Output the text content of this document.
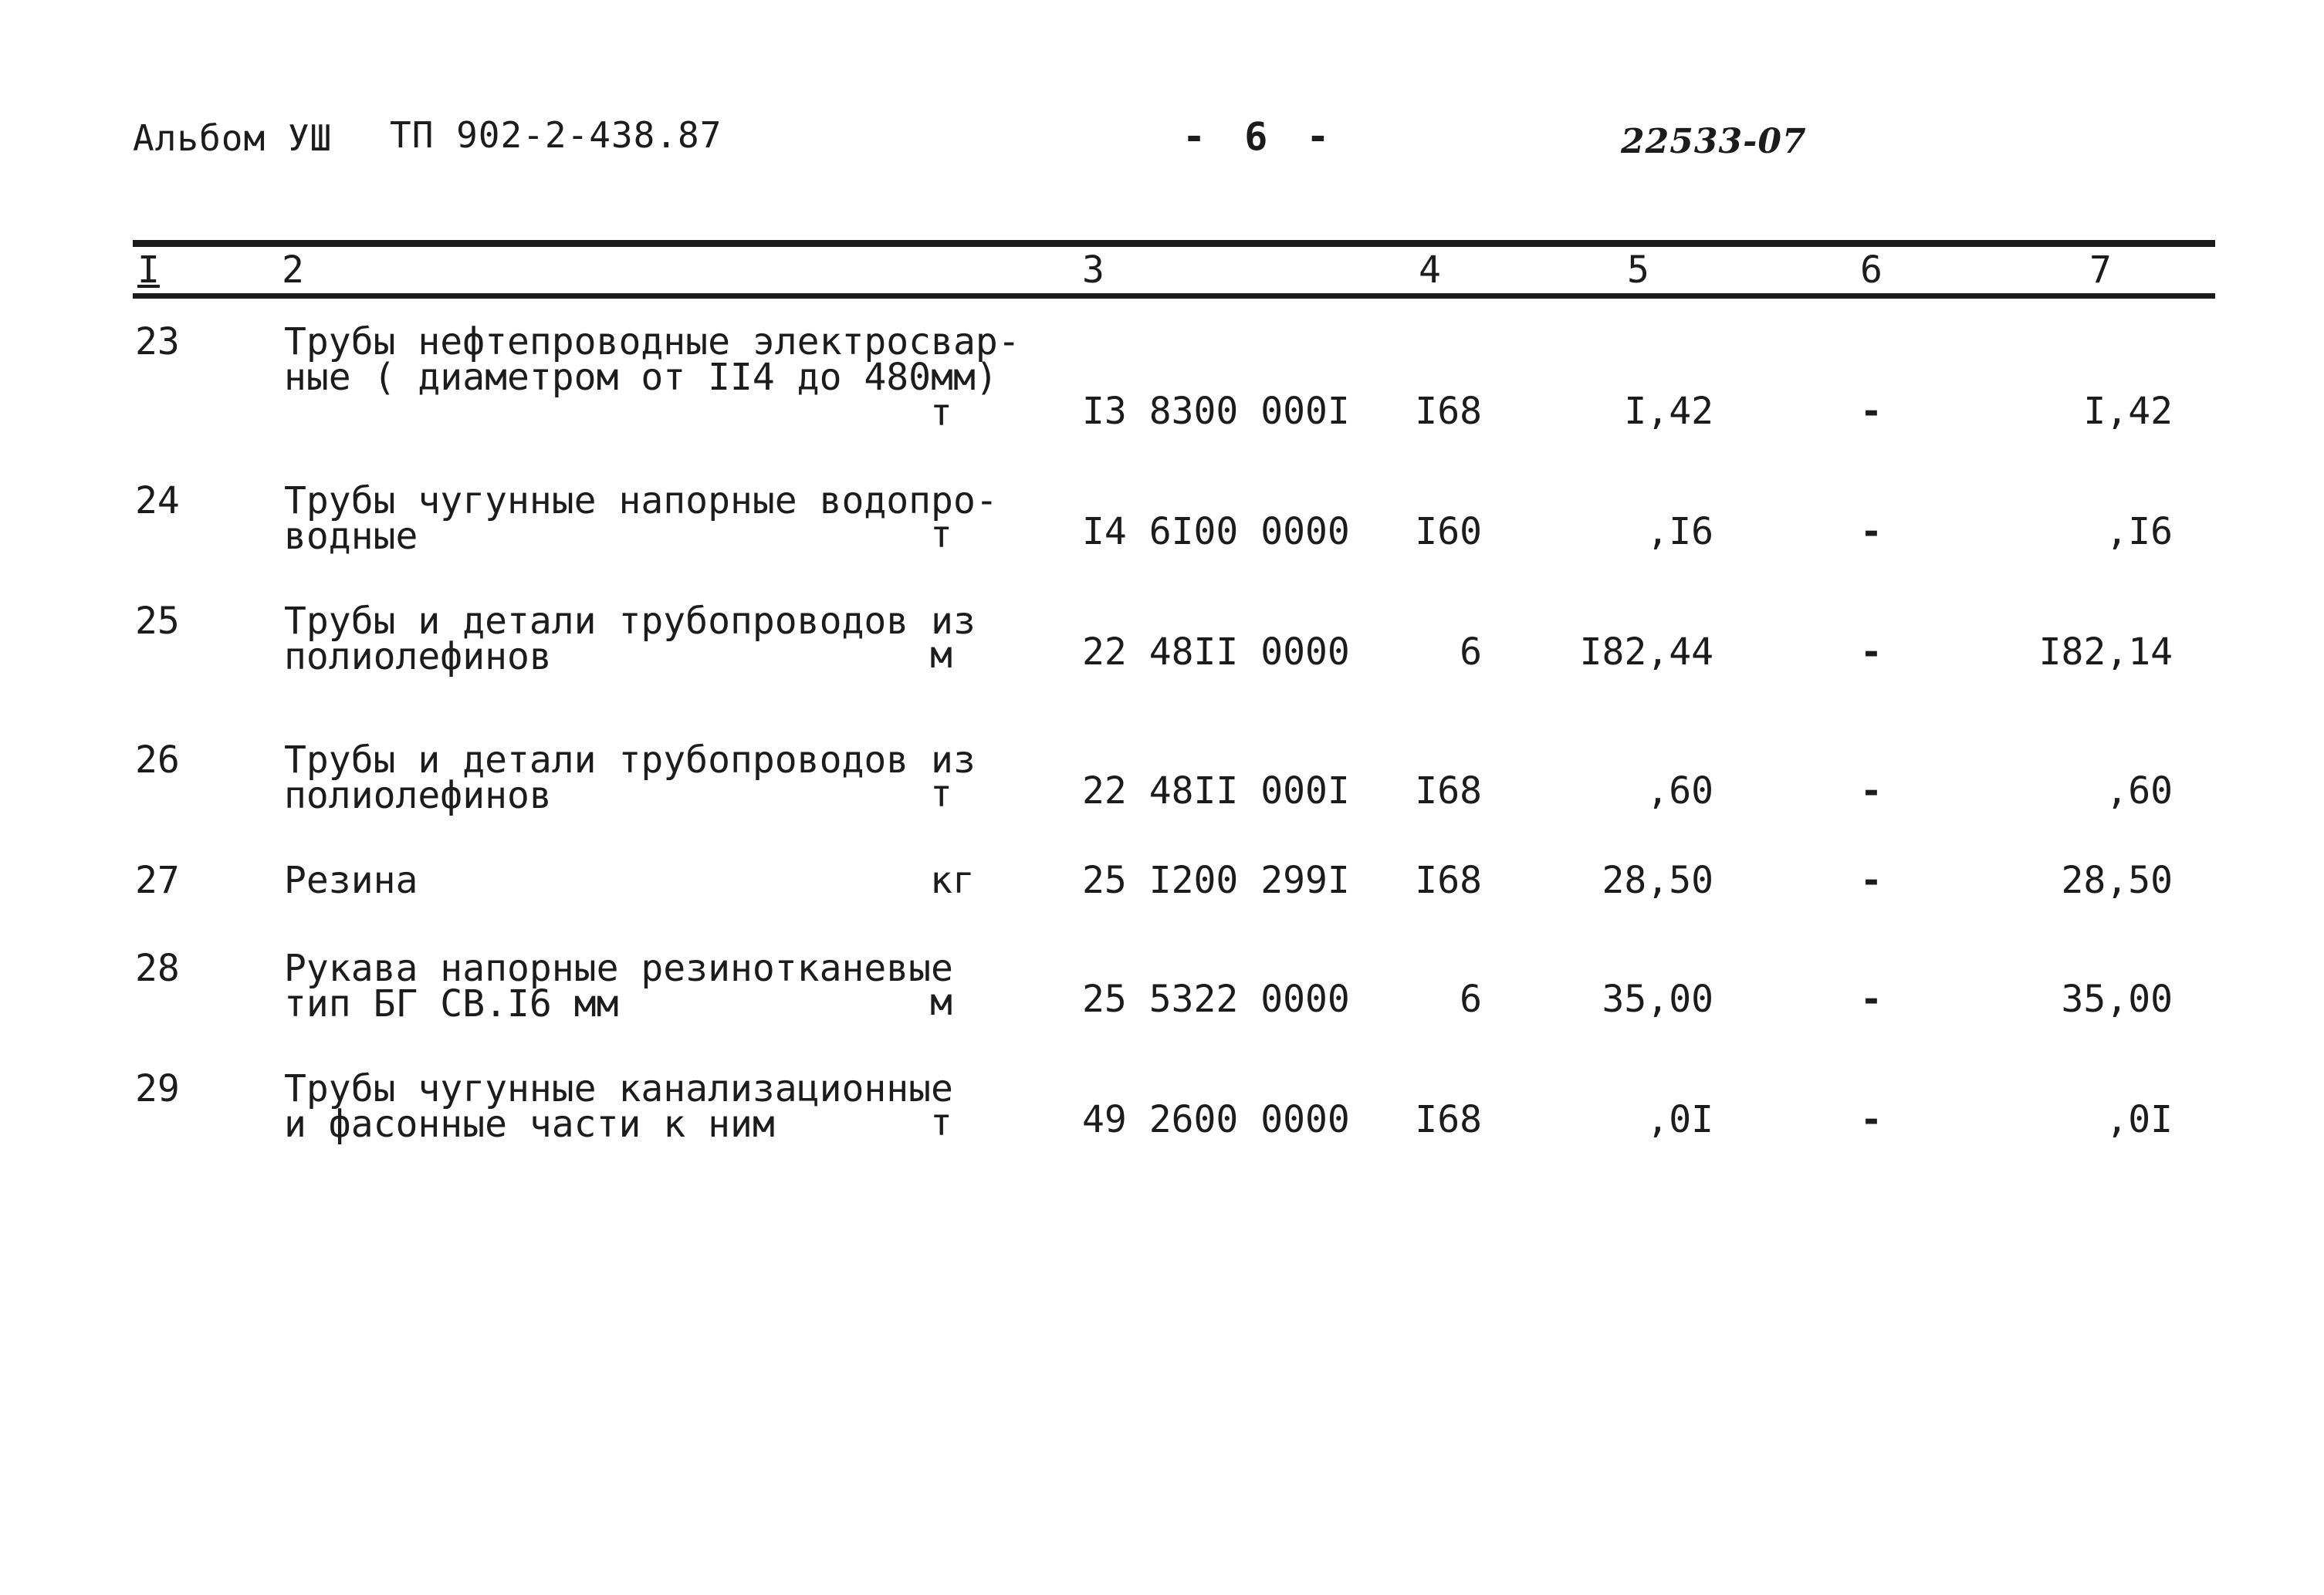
Альбом УШ ТП 902-2-438.87	- 6 -	22533-07
I	2	3	4	5	6	7
23	Трубы нефтепроводные электросвар-
ные ( диаметром от II4 до 480мм)
т	I3 8300 000I	I68	I,42	-	I,42
24	Трубы чугунные напорные водопро-
водные	т	I4 6I00 0000	I60	,I6	-	,I6
25	Трубы и детали трубопроводов из
полиолефинов	м	22 48II 0000	6	I82,44	-	I82,14
26	Трубы и детали трубопроводов из
полиолефинов	т	22 48II 000I	I68	,60	-	,60
27	Резина	кг	25 I200 299I	I68	28,50	-	28,50
28	Рукава напорные резинотканевые
тип БГ СВ.I6 мм	м	25 5322 0000	6	35,00	-	35,00
29	Трубы чугунные канализационные
и фасонные части к ним	т	49 2600 0000	I68	,0I	-	,0I
